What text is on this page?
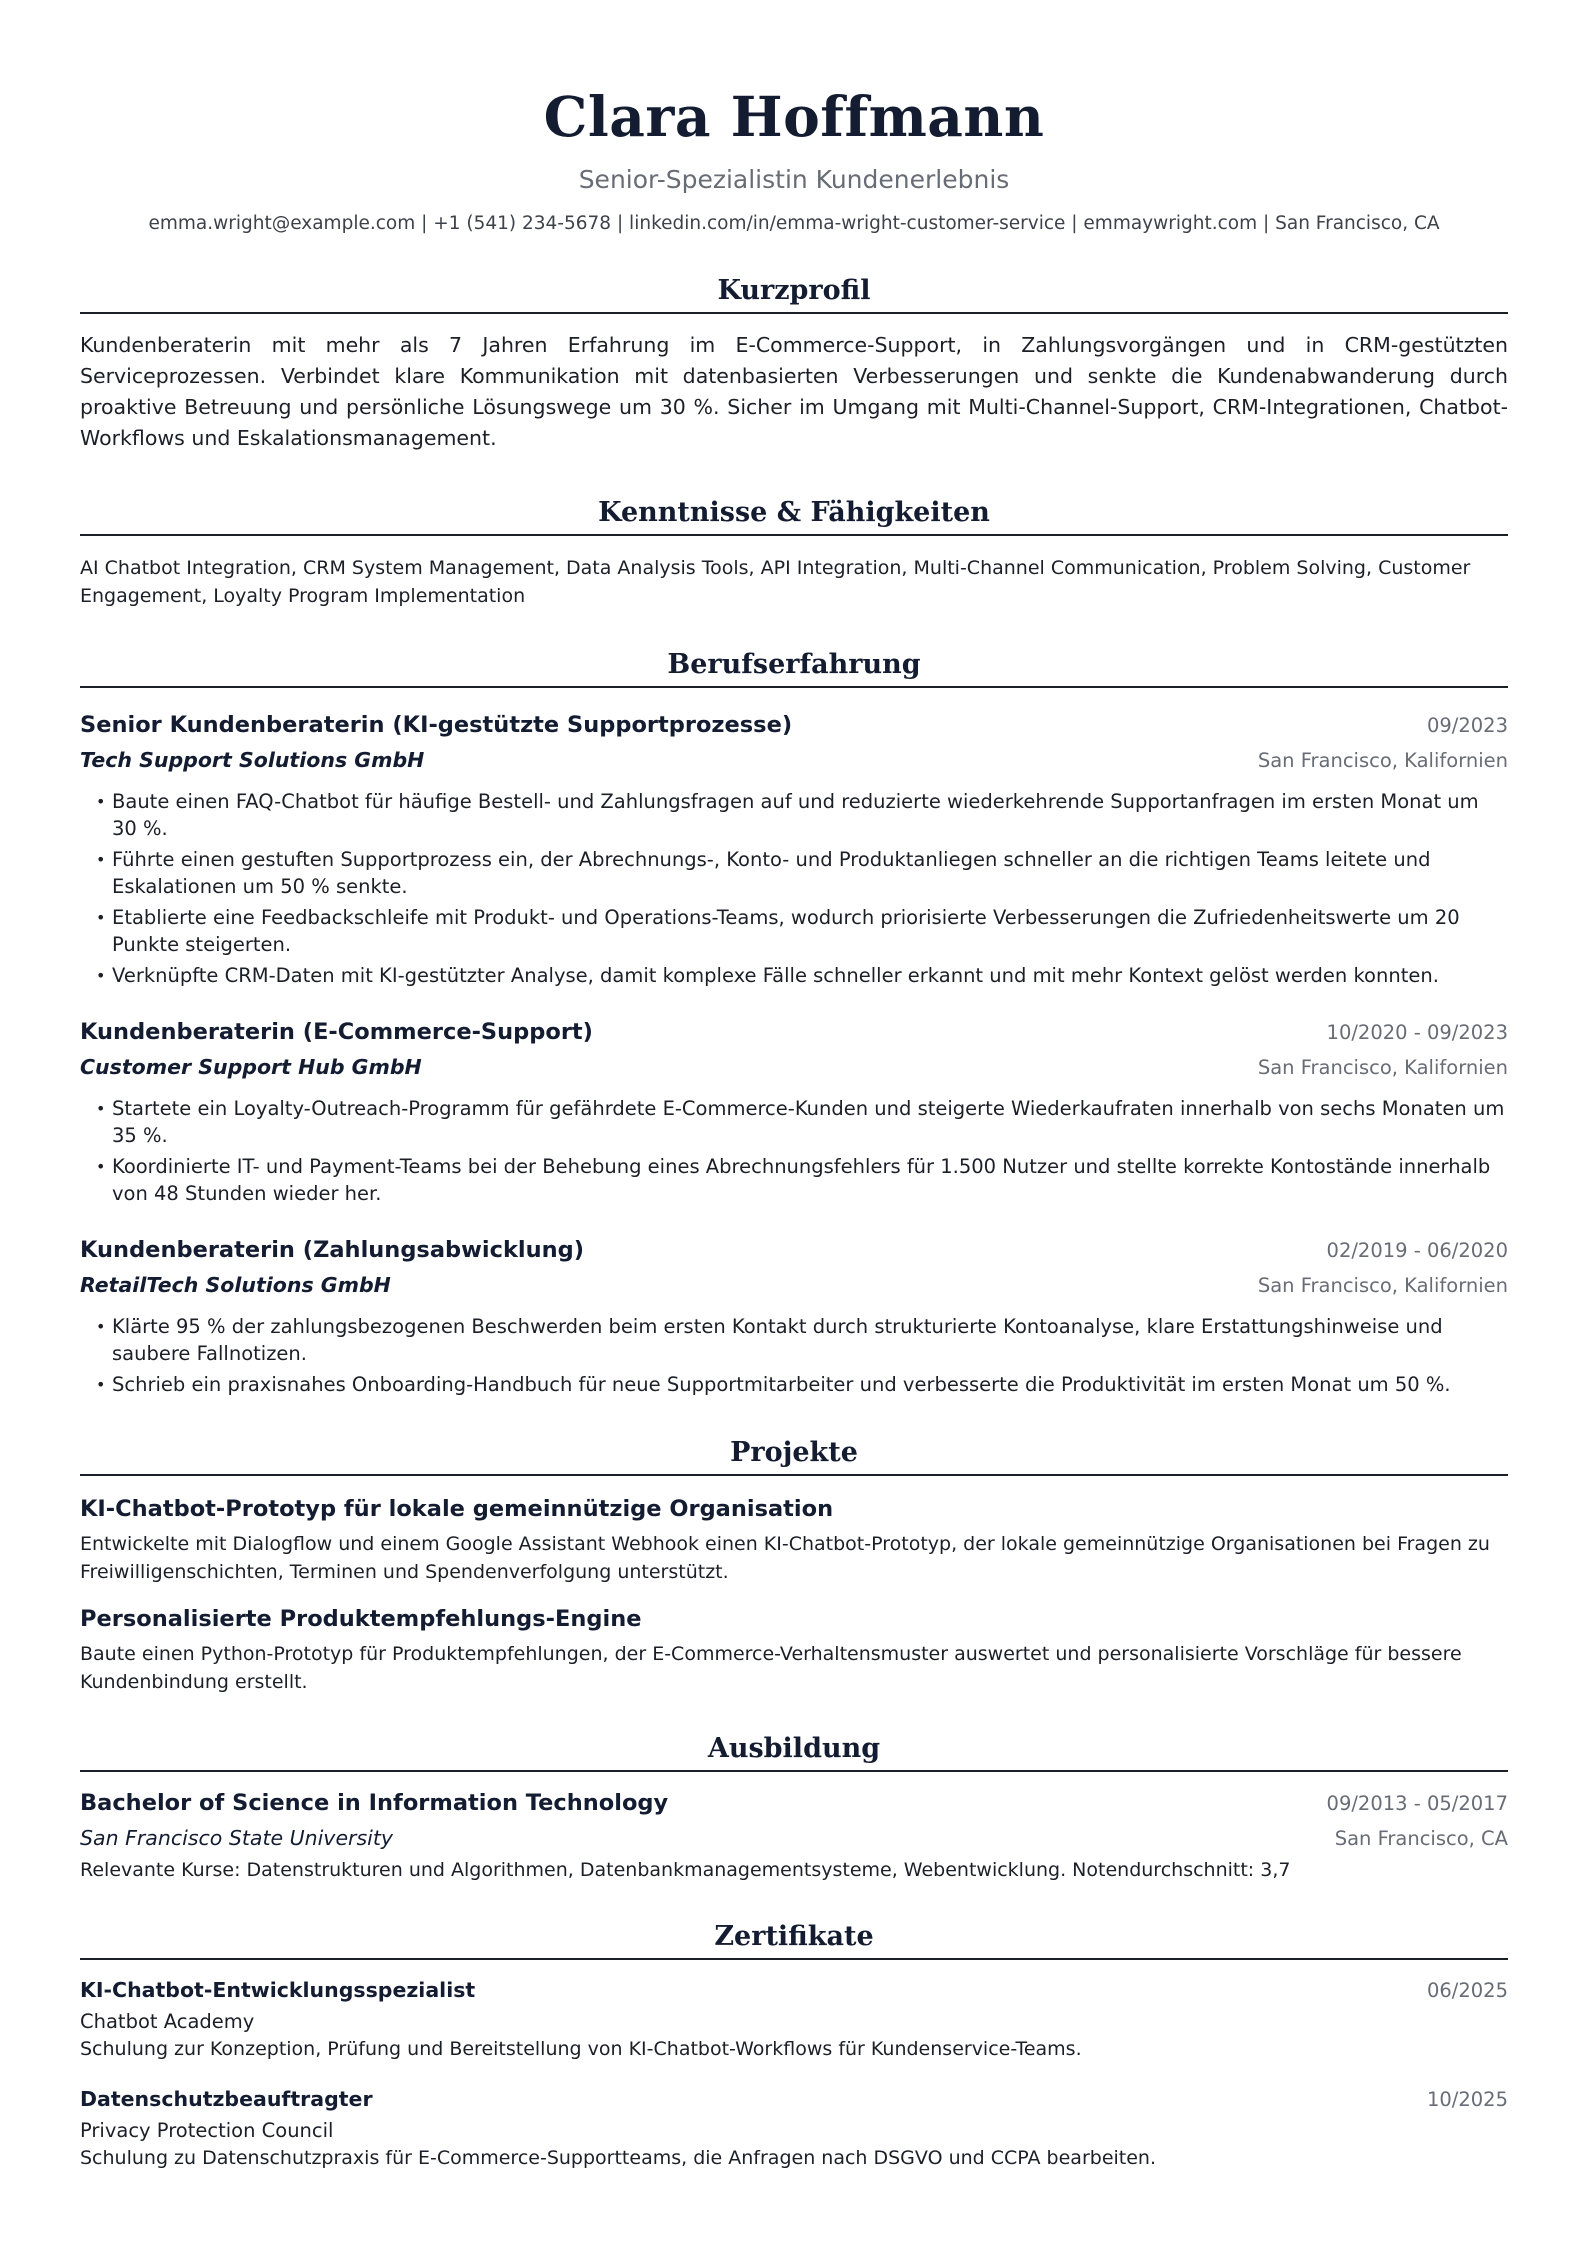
Clara Hoffmann
Senior-Spezialistin Kundenerlebnis
emma.wright@example.com | +1 (541) 234-5678 | linkedin.com/in/emma-wright-customer-service | emmaywright.com | San Francisco, CA
Kurzprofil

Kundenberaterin mit mehr als 7 Jahren Erfahrung im E-Commerce-Support, in Zahlungsvorgängen und in CRM-gestützten Serviceprozessen. Verbindet klare Kommunikation mit datenbasierten Verbesserungen und senkte die Kundenabwanderung durch proaktive Betreuung und persönliche Lösungswege um 30 %. Sicher im Umgang mit Multi-Channel-Support, CRM-Integrationen, Chatbot-Workflows und Eskalationsmanagement.

Kenntnisse & Fähigkeiten

AI Chatbot Integration, CRM System Management, Data Analysis Tools, API Integration, Multi-Channel Communication, Problem Solving, Customer Engagement, Loyalty Program Implementation

Berufserfahrung
Senior Kundenberaterin (KI-gestützte Supportprozesse)	09/2023
Tech Support Solutions GmbH	San Francisco, Kalifornien
• Baute einen FAQ-Chatbot für häufige Bestell- und Zahlungsfragen auf und reduzierte wiederkehrende Supportanfragen im ersten Monat um 30 %.
• Führte einen gestuften Supportprozess ein, der Abrechnungs-, Konto- und Produktanliegen schneller an die richtigen Teams leitete und Eskalationen um 50 % senkte.
• Etablierte eine Feedbackschleife mit Produkt- und Operations-Teams, wodurch priorisierte Verbesserungen die Zufriedenheitswerte um 20 Punkte steigerten.
• Verknüpfte CRM-Daten mit KI-gestützter Analyse, damit komplexe Fälle schneller erkannt und mit mehr Kontext gelöst werden konnten.
Kundenberaterin (E-Commerce-Support)	10/2020 - 09/2023
Customer Support Hub GmbH	San Francisco, Kalifornien
• Startete ein Loyalty-Outreach-Programm für gefährdete E-Commerce-Kunden und steigerte Wiederkaufraten innerhalb von sechs Monaten um 35 %.
• Koordinierte IT- und Payment-Teams bei der Behebung eines Abrechnungsfehlers für 1.500 Nutzer und stellte korrekte Kontostände innerhalb von 48 Stunden wieder her.
Kundenberaterin (Zahlungsabwicklung)	02/2019 - 06/2020
RetailTech Solutions GmbH	San Francisco, Kalifornien
• Klärte 95 % der zahlungsbezogenen Beschwerden beim ersten Kontakt durch strukturierte Kontoanalyse, klare Erstattungshinweise und saubere Fallnotizen.
• Schrieb ein praxisnahes Onboarding-Handbuch für neue Supportmitarbeiter und verbesserte die Produktivität im ersten Monat um 50 %.
Projekte
KI-Chatbot-Prototyp für lokale gemeinnützige Organisation

Entwickelte mit Dialogflow und einem Google Assistant Webhook einen KI-Chatbot-Prototyp, der lokale gemeinnützige Organisationen bei Fragen zu Freiwilligenschichten, Terminen und Spendenverfolgung unterstützt.

Personalisierte Produktempfehlungs-Engine

Baute einen Python-Prototyp für Produktempfehlungen, der E-Commerce-Verhaltensmuster auswertet und personalisierte Vorschläge für bessere Kundenbindung erstellt.

Ausbildung
Bachelor of Science in Information Technology	09/2013 - 05/2017
San Francisco State University	San Francisco, CA

Relevante Kurse: Datenstrukturen und Algorithmen, Datenbankmanagementsysteme, Webentwicklung. Notendurchschnitt: 3,7

Zertifikate
KI-Chatbot-Entwicklungsspezialist	06/2025
Chatbot Academy

Schulung zur Konzeption, Prüfung und Bereitstellung von KI-Chatbot-Workflows für Kundenservice-Teams.

Datenschutzbeauftragter	10/2025
Privacy Protection Council

Schulung zu Datenschutzpraxis für E-Commerce-Supportteams, die Anfragen nach DSGVO und CCPA bearbeiten.
